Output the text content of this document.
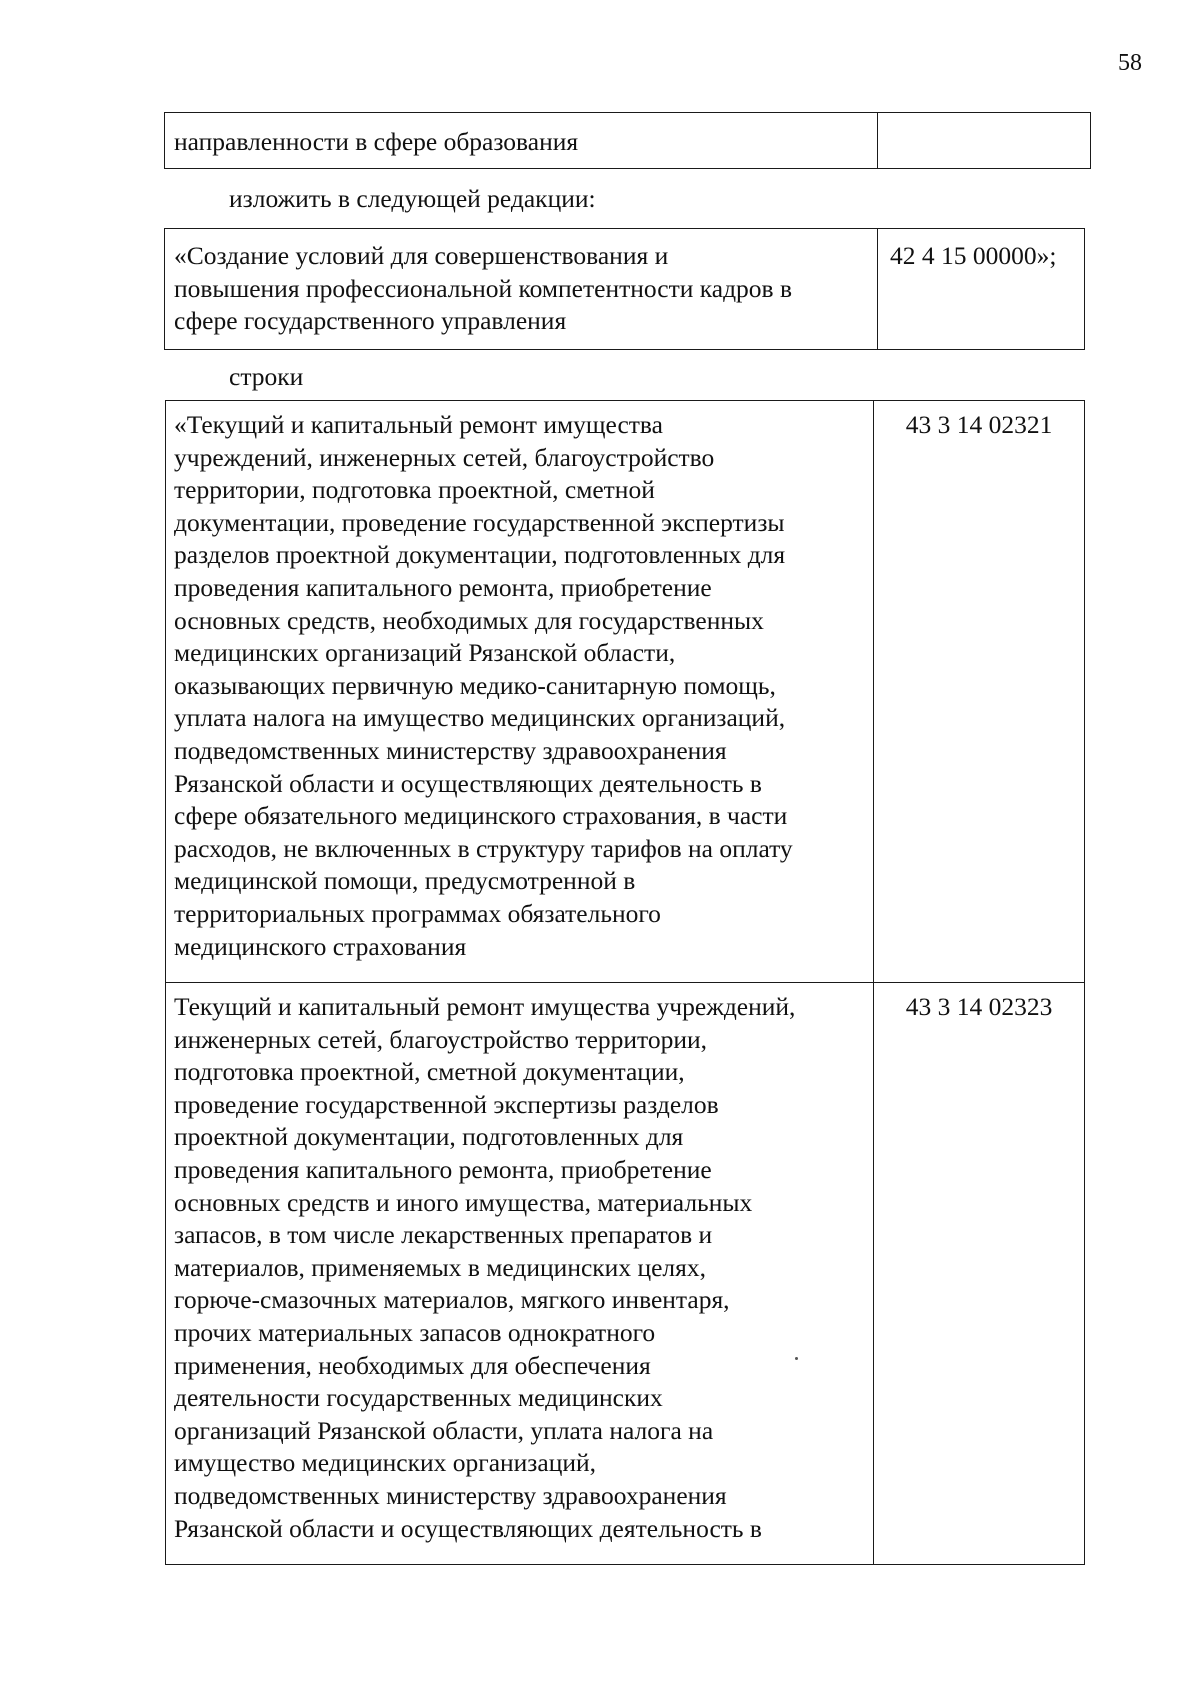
58
направленности в сфере образования
изложить в следующей редакции:
«Создание условий для совершенствования и
повышения профессиональной компетентности кадров в
сфере государственного управления
42 4 15 00000»;
строки
«Текущий и капитальный ремонт имущества
учреждений, инженерных сетей, благоустройство
территории, подготовка проектной, сметной
документации, проведение государственной экспертизы
разделов проектной документации, подготовленных для
проведения капитального ремонта, приобретение
основных средств, необходимых для государственных
медицинских организаций Рязанской области,
оказывающих первичную медико-санитарную помощь,
уплата налога на имущество медицинских организаций,
подведомственных министерству здравоохранения
Рязанской области и осуществляющих деятельность в
сфере обязательного медицинского страхования, в части
расходов, не включенных в структуру тарифов на оплату
медицинской помощи, предусмотренной в
территориальных программах обязательного
медицинского страхования
43 3 14 02321
Текущий и капитальный ремонт имущества учреждений,
инженерных сетей, благоустройство территории,
подготовка проектной, сметной документации,
проведение государственной экспертизы разделов
проектной документации, подготовленных для
проведения капитального ремонта, приобретение
основных средств и иного имущества, материальных
запасов, в том числе лекарственных препаратов и
материалов, применяемых в медицинских целях,
горюче-смазочных материалов, мягкого инвентаря,
прочих материальных запасов однократного
применения, необходимых для обеспечения
деятельности государственных медицинских
организаций Рязанской области, уплата налога на
имущество медицинских организаций,
подведомственных министерству здравоохранения
Рязанской области и осуществляющих деятельность в
43 3 14 02323
